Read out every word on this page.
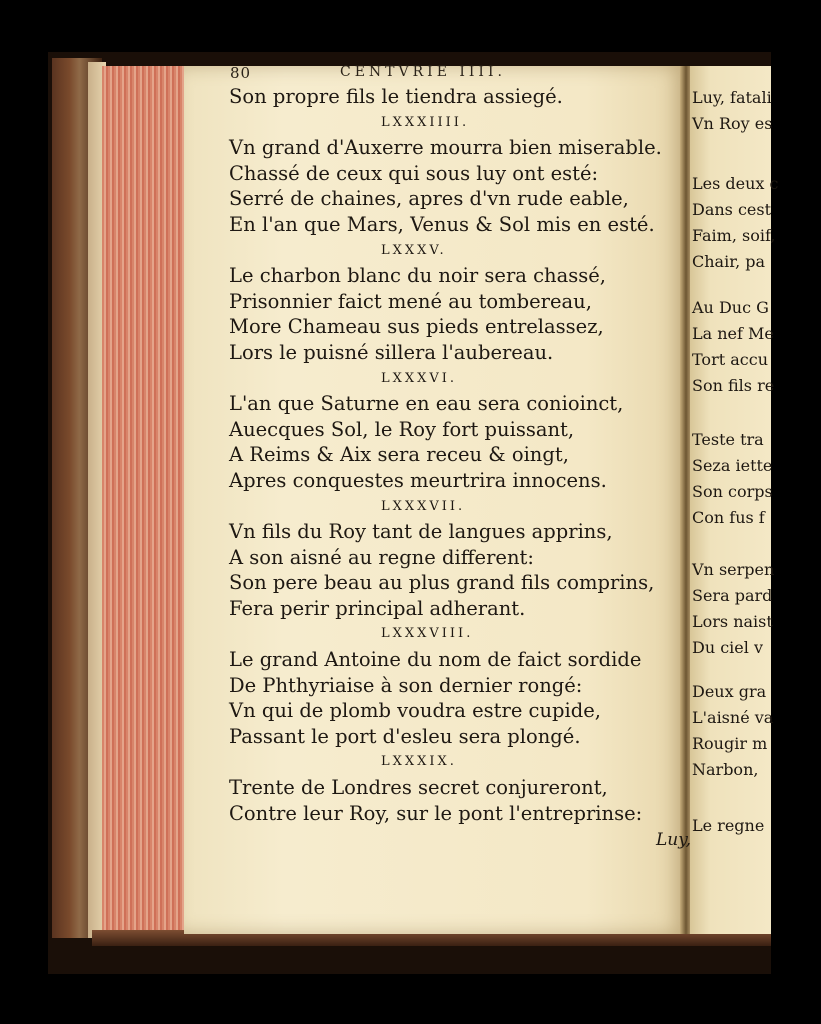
80	CENTVRIE IIII.
Son propre fils le tiendra assiegé.
LXXXIIII.
Vn grand d'Auxerre mourra bien miserable.
Chassé de ceux qui sous luy ont esté:
Serré de chaines, apres d'vn rude eable,
En l'an que Mars, Venus & Sol mis en esté.
LXXXV.
Le charbon blanc du noir sera chassé,
Prisonnier faict mené au tombereau,
More Chameau sus pieds entrelassez,
Lors le puisné sillera l'aubereau.
LXXXVI.
L'an que Saturne en eau sera conioinct,
Auecques Sol, le Roy fort puissant,
A Reims & Aix sera receu & oingt,
Apres conquestes meurtrira innocens.
LXXXVII.
Vn fils du Roy tant de langues apprins,
A son aisné au regne different:
Son pere beau au plus grand fils comprins,
Fera perir principal adherant.
LXXXVIII.
Le grand Antoine du nom de faict sordide
De Phthyriaise à son dernier rongé:
Vn qui de plomb voudra estre cupide,
Passant le port d'esleu sera plongé.
LXXXIX.
Trente de Londres secret conjureront,
Contre leur Roy, sur le pont l'entreprinse:
Luy,
Luy, fatali
Vn Roy es
Les deux c
Dans cest
Faim, soif,
Chair, pa
Au Duc G
La nef Me
Tort accu
Son fils re
Teste tra
Seza iette
Son corps
Con fus f
Vn serpen
Sera pard
Lors naist
Du ciel v
Deux gra
L'aisné va
Rougir m
Narbon,
Le regne
